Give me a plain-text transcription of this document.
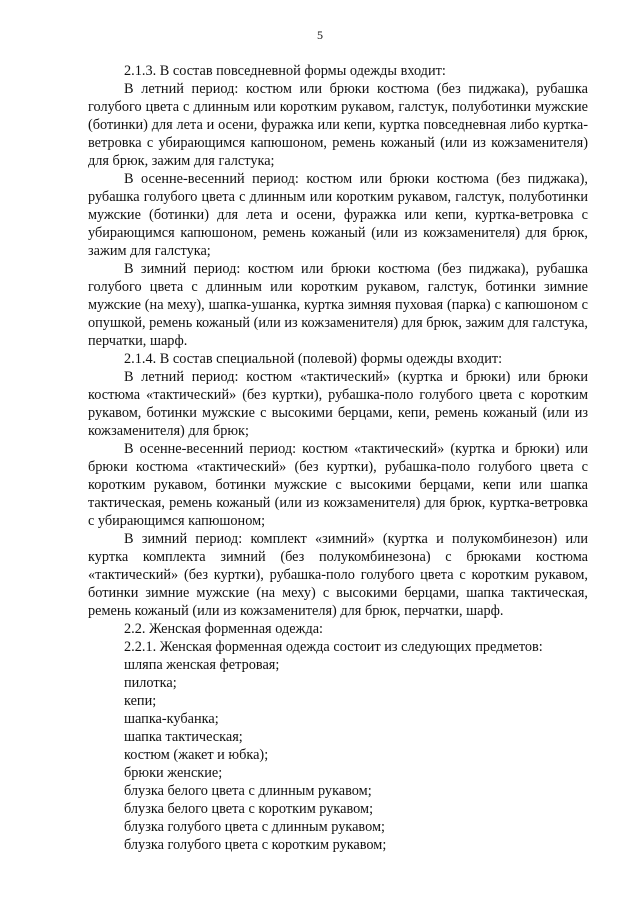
5

2.1.3. В состав повседневной формы одежды входит:

В летний период: костюм или брюки костюма (без пиджака), рубашка голубого цвета с длинным или коротким рукавом, галстук, полуботинки мужские (ботинки) для лета и осени, фуражка или кепи, куртка повседневная либо куртка-ветровка с убирающимся капюшоном, ремень кожаный (или из кожзаменителя) для брюк, зажим для галстука;

В осенне-весенний период: костюм или брюки костюма (без пиджака), рубашка голубого цвета с длинным или коротким рукавом, галстук, полуботинки мужские (ботинки) для лета и осени, фуражка или кепи, куртка-ветровка с убирающимся капюшоном, ремень кожаный (или из кожзаменителя) для брюк, зажим для галстука;

В зимний период: костюм или брюки костюма (без пиджака), рубашка голубого цвета с длинным или коротким рукавом, галстук, ботинки зимние мужские (на меху), шапка-ушанка, куртка зимняя пуховая (парка) с капюшоном с опушкой, ремень кожаный (или из кожзаменителя) для брюк, зажим для галстука, перчатки, шарф.

2.1.4. В состав специальной (полевой) формы одежды входит:

В летний период: костюм «тактический» (куртка и брюки) или брюки костюма «тактический» (без куртки), рубашка-поло голубого цвета с коротким рукавом, ботинки мужские с высокими берцами, кепи, ремень кожаный (или из кожзаменителя) для брюк;

В осенне-весенний период: костюм «тактический» (куртка и брюки) или брюки костюма «тактический» (без куртки), рубашка-поло голубого цвета с коротким рукавом, ботинки мужские с высокими берцами, кепи или шапка тактическая, ремень кожаный (или из кожзаменителя) для брюк, куртка-ветровка с убирающимся капюшоном;

В зимний период: комплект «зимний» (куртка и полукомбинезон) или куртка комплекта зимний (без полукомбинезона) с брюками костюма «тактический» (без куртки), рубашка-поло голубого цвета с коротким рукавом, ботинки зимние мужские (на меху) с высокими берцами, шапка тактическая, ремень кожаный (или из кожзаменителя) для брюк, перчатки, шарф.

2.2. Женская форменная одежда:

2.2.1. Женская форменная одежда состоит из следующих предметов:

шляпа женская фетровая;

пилотка;

кепи;

шапка-кубанка;

шапка тактическая;

костюм (жакет и юбка);

брюки женские;

блузка белого цвета с длинным рукавом;

блузка белого цвета с коротким рукавом;

блузка голубого цвета с длинным рукавом;

блузка голубого цвета с коротким рукавом;
